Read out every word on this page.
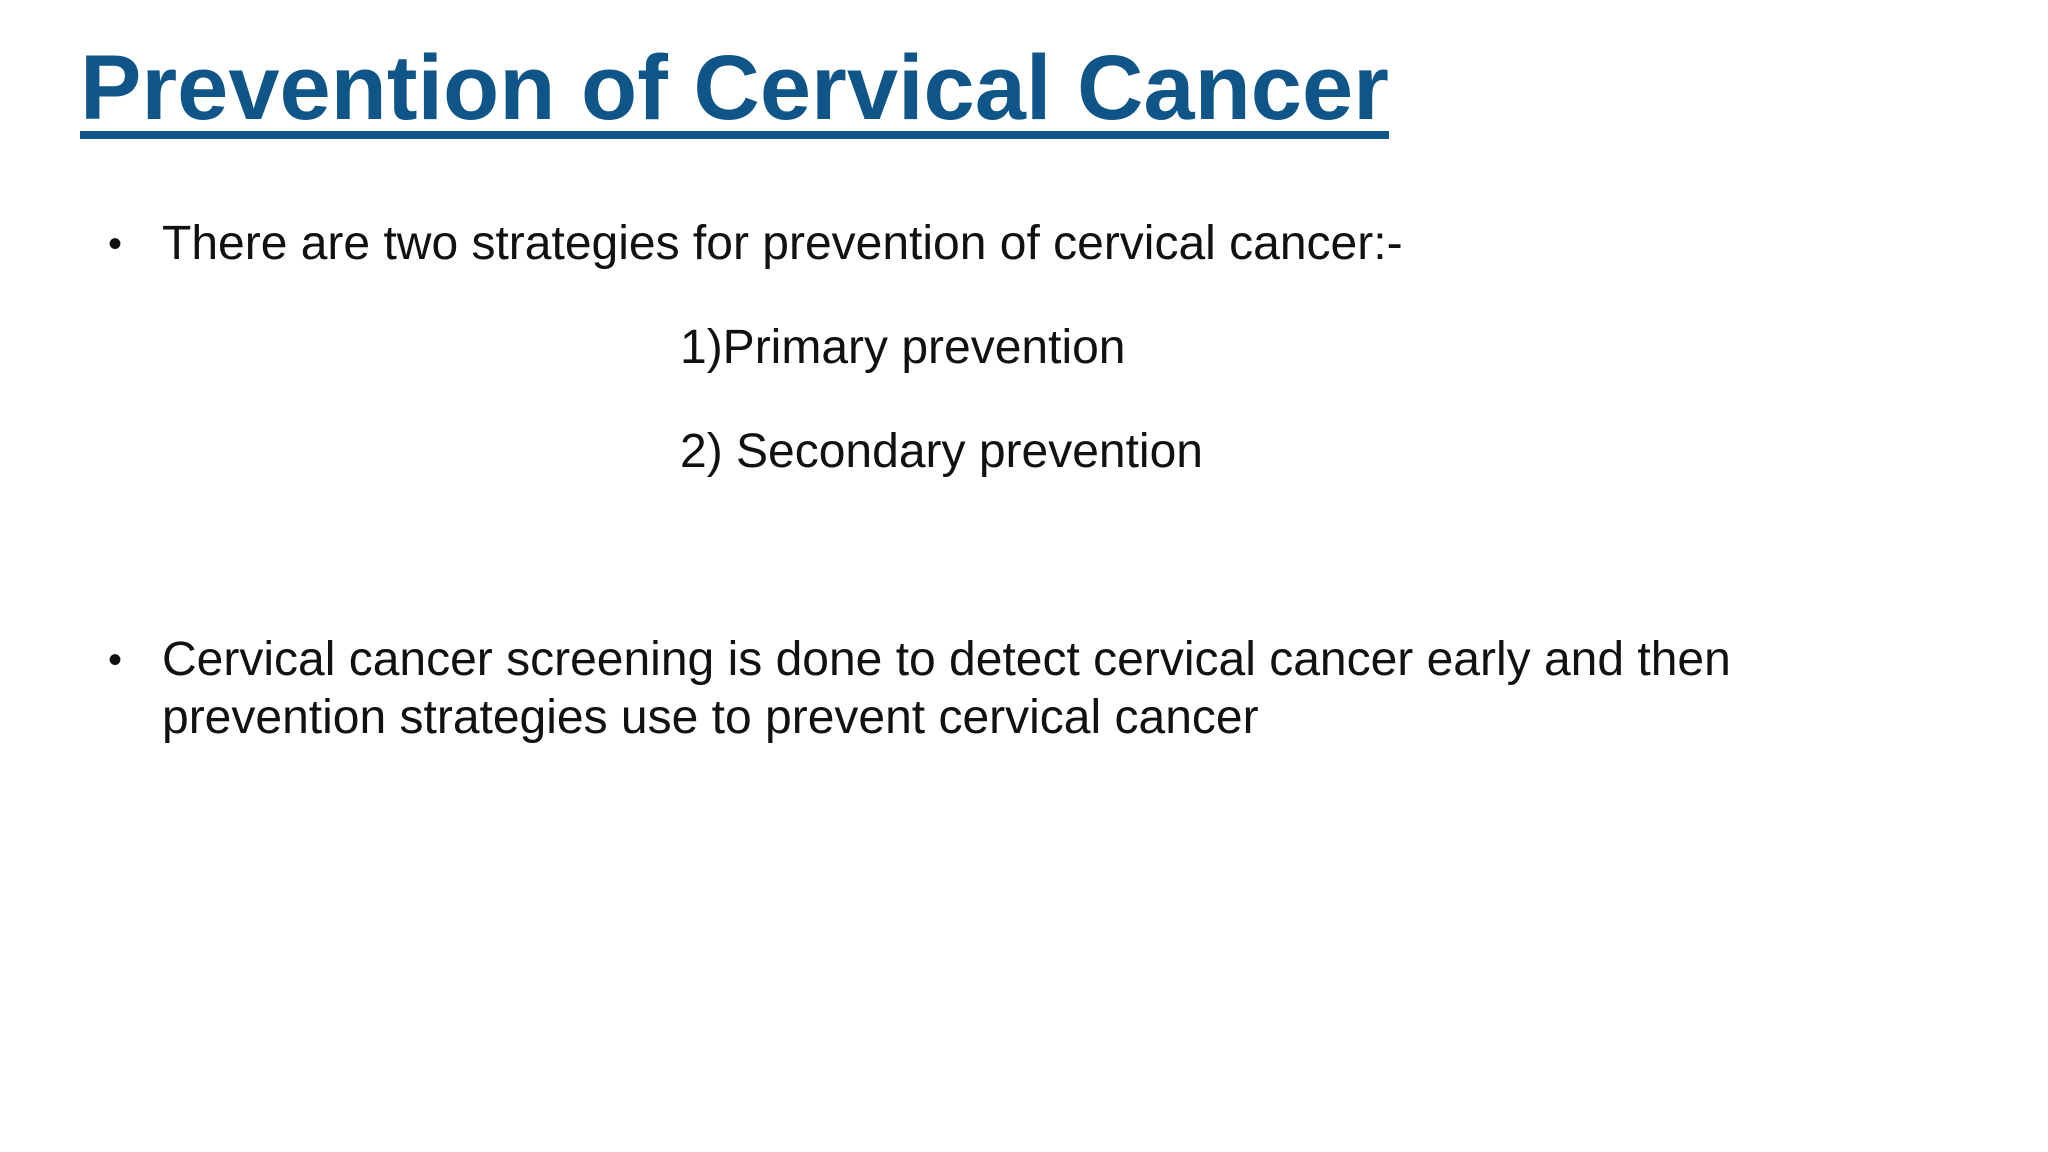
Prevention of Cervical Cancer
• There are two strategies for prevention of cervical cancer:-
1)Primary prevention
2) Secondary prevention
• Cervical cancer screening is done to detect cervical cancer early and then prevention strategies use to prevent cervical cancer
